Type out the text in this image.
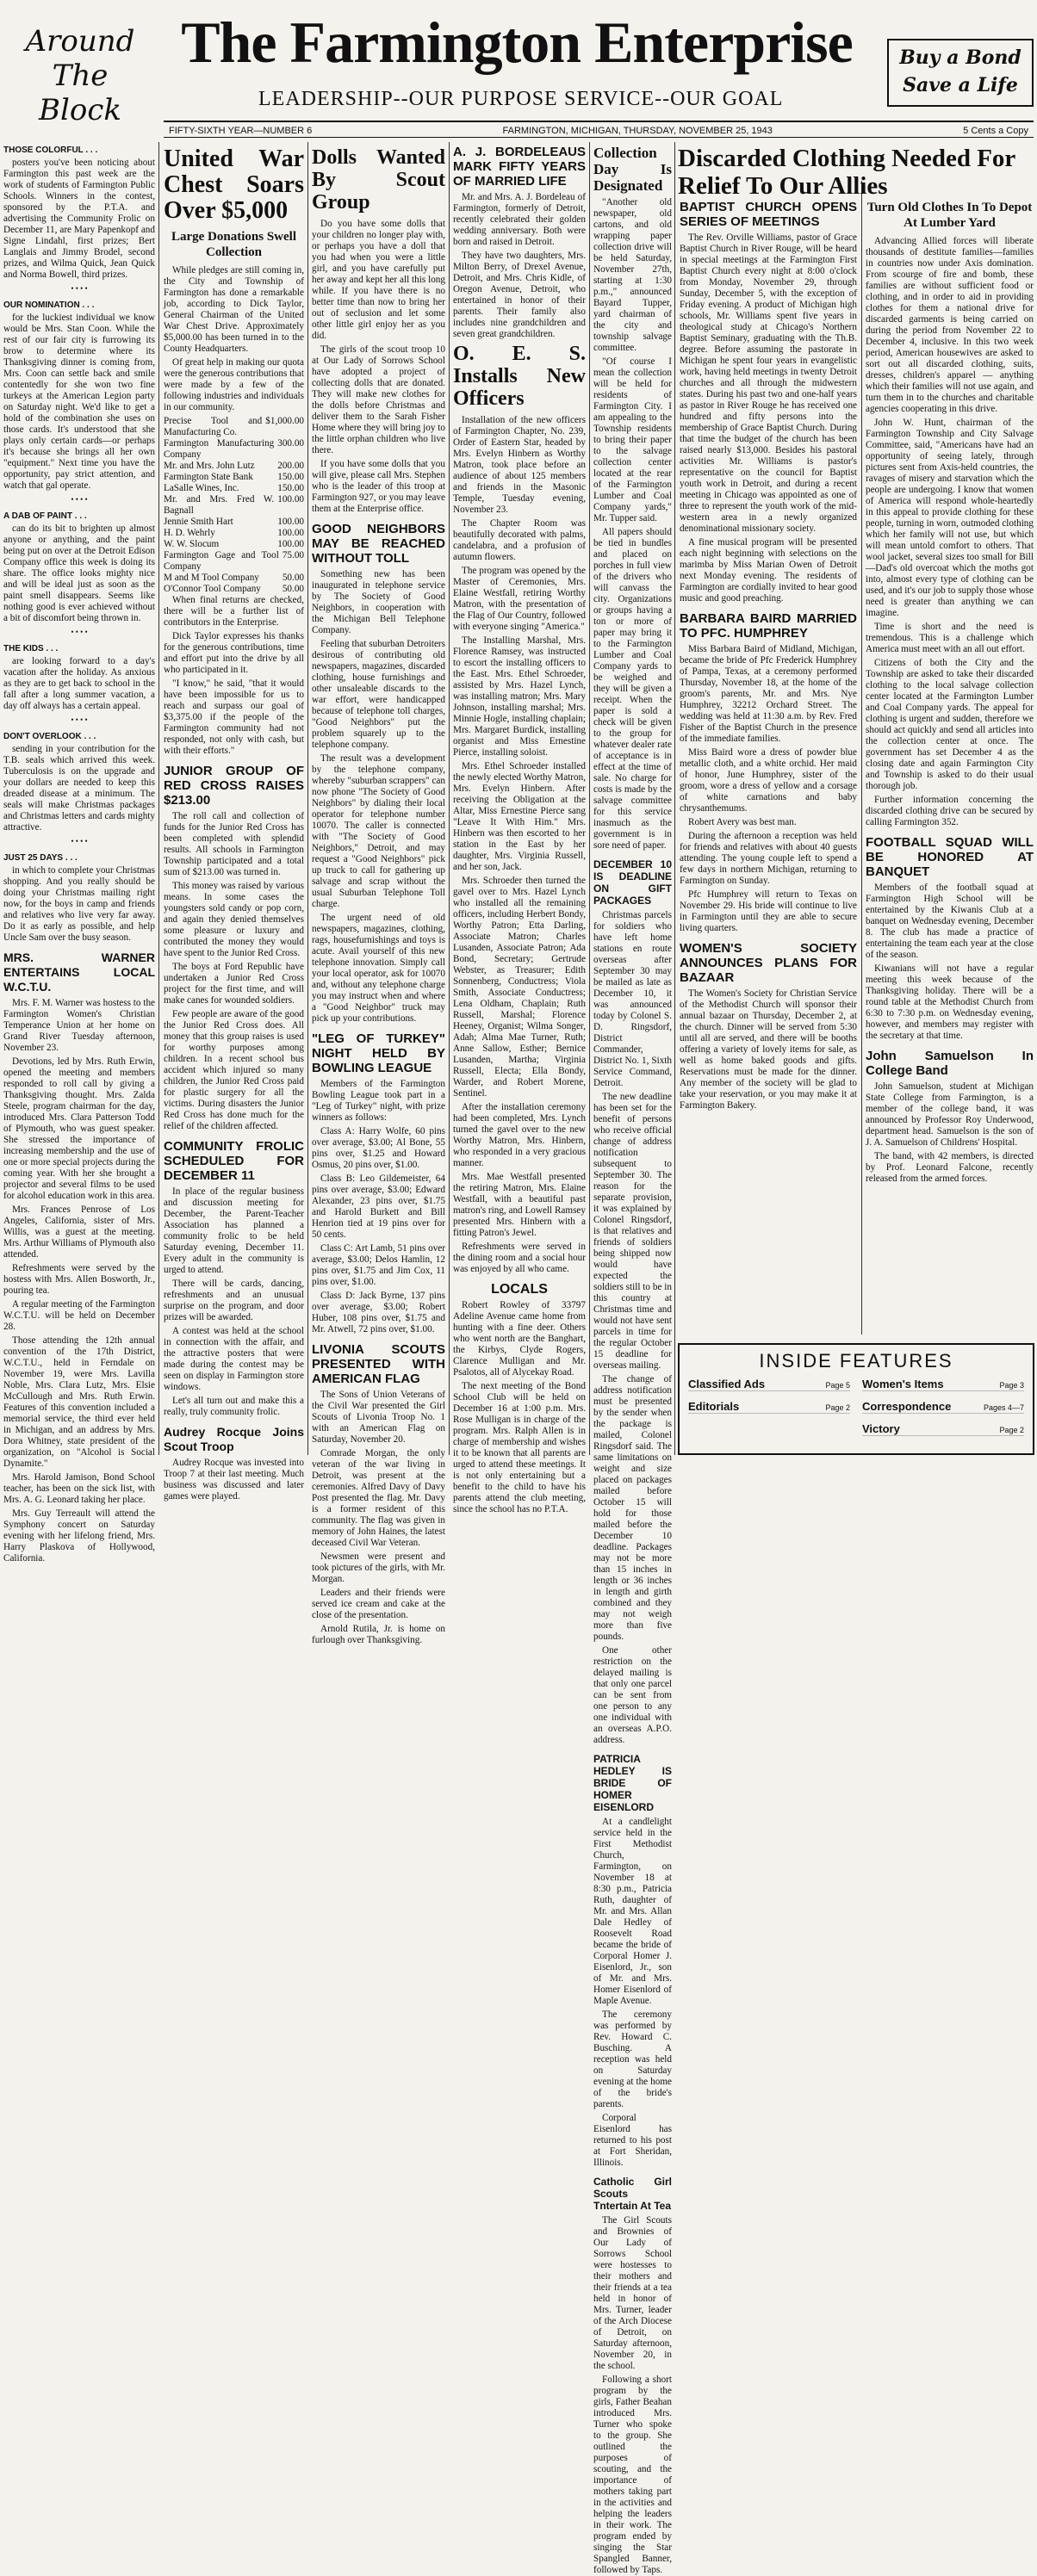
Around
The Block
The Farmington Enterprise
LEADERSHIP--OUR PURPOSE SERVICE--OUR GOAL
Buy a Bond
Save a Life
FIFTY-SIXTH YEAR—NUMBER 6	FARMINGTON, MICHIGAN, THURSDAY, NOVEMBER 25, 1943	5 Cents a Copy
THOSE COLORFUL . . .

posters you've been noticing about Farmington this past week are the work of students of Farmington Public Schools. Winners in the contest, sponsored by the P.T.A. and advertising the Community Frolic on December 11, are Mary Papenkopf and Signe Lindahl, first prizes; Bert Langlais and Jimmy Brodel, second prizes, and Wilma Quick, Jean Quick and Norma Bowell, third prizes.

• • • •
OUR NOMINATION . . .

for the luckiest individual we know would be Mrs. Stan Coon. While the rest of our fair city is furrowing its brow to determine where its Thanksgiving dinner is coming from, Mrs. Coon can settle back and smile contentedly for she won two fine turkeys at the American Legion party on Saturday night. We'd like to get a hold of the combination she uses on those cards. It's understood that she plays only certain cards—or perhaps it's because she brings all her own "equipment." Next time you have the opportunity, pay strict attention, and watch that gal operate.

• • • •
A DAB OF PAINT . . .

can do its bit to brighten up almost anyone or anything, and the paint being put on over at the Detroit Edison Company office this week is doing its share. The office looks mighty nice and will be ideal just as soon as the paint smell disappears. Seems like nothing good is ever achieved without a bit of discomfort being thrown in.

• • • •
THE KIDS . . .

are looking forward to a day's vacation after the holiday. As anxious as they are to get back to school in the fall after a long summer vacation, a day off always has a certain appeal.

• • • •
DON'T OVERLOOK . . .

sending in your contribution for the T.B. seals which arrived this week. Tuberculosis is on the upgrade and your dollars are needed to keep this dreaded disease at a minimum. The seals will make Christmas packages and Christmas letters and cards mighty attractive.

• • • •
JUST 25 DAYS . . .

in which to complete your Christmas shopping. And you really should be doing your Christmas mailing right now, for the boys in camp and friends and relatives who live very far away. Do it as early as possible, and help Uncle Sam over the busy season.

MRS. WARNER ENTERTAINS LOCAL W.C.T.U.

Mrs. F. M. Warner was hostess to the Farmington Women's Christian Temperance Union at her home on Grand River Tuesday afternoon, November 23.

Devotions, led by Mrs. Ruth Erwin, opened the meeting and members responded to roll call by giving a Thanksgiving thought. Mrs. Zalda Steele, program chairman for the day, introduced Mrs. Clara Patterson Todd of Plymouth, who was guest speaker. She stressed the importance of increasing membership and the use of one or more special projects during the coming year. With her she brought a projector and several films to be used for alcohol education work in this area.

Mrs. Frances Penrose of Los Angeles, California, sister of Mrs. Willis, was a guest at the meeting. Mrs. Arthur Williams of Plymouth also attended.

Refreshments were served by the hostess with Mrs. Allen Bosworth, Jr., pouring tea.

A regular meeting of the Farmington W.C.T.U. will be held on December 28.

Those attending the 12th annual convention of the 17th District, W.C.T.U., held in Ferndale on November 19, were Mrs. Lavilla Noble, Mrs. Clara Lutz, Mrs. Elsie McCullough and Mrs. Ruth Erwin. Features of this convention included a memorial service, the third ever held in Michigan, and an address by Mrs. Dora Whitney, state president of the organization, on "Alcohol is Social Dynamite."

Mrs. Harold Jamison, Bond School teacher, has been on the sick list, with Mrs. A. G. Leonard taking her place.

Mrs. Guy Terreault will attend the Symphony concert on Saturday evening with her lifelong friend, Mrs. Harry Plaskova of Hollywood, California.

United War Chest Soars Over $5,000
Large Donations Swell Collection

While pledges are still coming in, the City and Township of Farmington has done a remarkable job, according to Dick Taylor, General Chairman of the United War Chest Drive. Approximately $5,000.00 has been turned in to the County Headquarters.

Of great help in making our quota were the generous contributions that were made by a few of the following industries and individuals in our community.

Precise Tool and Manufacturing Co.
$1,000.00
Farmington Manufacturing Company
300.00
Mr. and Mrs. John Lutz 200.00
Farmington State Bank	150.00
LaSalle Wines, Inc.	150.00
Mr. and Mrs. Fred W. Bagnall
100.00
Jennie Smith Hart	100.00
H. D. Wehrly	100.00
W. W. Slocum	100.00
Farmington Gage and Tool Company
75.00
M and M Tool Company 50.00
O'Connor Tool Company 50.00

When final returns are checked, there will be a further list of contributors in the Enterprise.

Dick Taylor expresses his thanks for the generous contributions, time and effort put into the drive by all who participated in it.

"I know," he said, "that it would have been impossible for us to reach and surpass our goal of $3,375.00 if the people of the Farmington community had not responded, not only with cash, but with their efforts."

JUNIOR GROUP OF RED CROSS RAISES $213.00

The roll call and collection of funds for the Junior Red Cross has been completed with splendid results. All schools in Farmington Township participated and a total sum of $213.00 was turned in.

This money was raised by various means. In some cases the youngsters sold candy or pop corn, and again they denied themselves some pleasure or luxury and contributed the money they would have spent to the Junior Red Cross.

The boys at Ford Republic have undertaken a Junior Red Cross project for the first time, and will make canes for wounded soldiers.

Few people are aware of the good the Junior Red Cross does. All money that this group raises is used for worthy purposes among children. In a recent school bus accident which injured so many children, the Junior Red Cross paid for plastic surgery for all the victims. During disasters the Junior Red Cross has done much for the relief of the children affected.

COMMUNITY FROLIC SCHEDULED FOR DECEMBER 11

In place of the regular business and discussion meeting for December, the Parent-Teacher Association has planned a community frolic to be held Saturday evening, December 11. Every adult in the community is urged to attend.

There will be cards, dancing, refreshments and an unusual surprise on the program, and door prizes will be awarded.

A contest was held at the school in connection with the affair, and the attractive posters that were made during the contest may be seen on display in Farmington store windows.

Let's all turn out and make this a really, truly community frolic.

Audrey Rocque Joins Scout Troop

Audrey Rocque was invested into Troop 7 at their last meeting. Much business was discussed and later games were played.

Dolls Wanted By Scout Group

Do you have some dolls that your children no longer play with, or perhaps you have a doll that you had when you were a little girl, and you have carefully put her away and kept her all this long while. If you have there is no better time than now to bring her out of seclusion and let some other little girl enjoy her as you did.

The girls of the scout troop 10 at Our Lady of Sorrows School have adopted a project of collecting dolls that are donated. They will make new clothes for the dolls before Christmas and deliver them to the Sarah Fisher Home where they will bring joy to the little orphan children who live there.

If you have some dolls that you will give, please call Mrs. Stephen who is the leader of this troop at Farmington 927, or you may leave them at the Enterprise office.

GOOD NEIGHBORS MAY BE REACHED WITHOUT TOLL

Something new has been inaugurated in telephone service by The Society of Good Neighbors, in cooperation with the Michigan Bell Telephone Company.

Feeling that suburban Detroiters desirous of contributing old newspapers, magazines, discarded clothing, house furnishings and other unsaleable discards to the war effort, were handicapped because of telephone toll charges, "Good Neighbors" put the problem squarely up to the telephone company.

The result was a development by the telephone company, whereby "suburban scrappers" can now phone "The Society of Good Neighbors" by dialing their local operator for telephone number 10070. The caller is connected with "The Society of Good Neighbors," Detroit, and may request a "Good Neighbors" pick up truck to call for gathering up salvage and scrap without the usual Suburban Telephone Toll charge.

The urgent need of old newspapers, magazines, clothing, rags, housefurnishings and toys is acute. Avail yourself of this new telephone innovation. Simply call your local operator, ask for 10070 and, without any telephone charge you may instruct when and where a "Good Neighbor" truck may pick up your contributions.

"LEG OF TURKEY" NIGHT HELD BY BOWLING LEAGUE

Members of the Farmington Bowling League took part in a "Leg of Turkey" night, with prize winners as follows:

Class A: Harry Wolfe, 60 pins over average, $3.00; Al Bone, 55 pins over, $1.25 and Howard Osmus, 20 pins over, $1.00.

Class B: Leo Gildemeister, 64 pins over average, $3.00; Edward Alexander, 23 pins over, $1.75 and Harold Burkett and Bill Henrion tied at 19 pins over for 50 cents.

Class C: Art Lamb, 51 pins over average, $3.00; Delos Hamlin, 12 pins over, $1.75 and Jim Cox, 11 pins over, $1.00.

Class D: Jack Byrne, 137 pins over average, $3.00; Robert Huber, 108 pins over, $1.75 and Mr. Atwell, 72 pins over, $1.00.

LIVONIA SCOUTS PRESENTED WITH AMERICAN FLAG

The Sons of Union Veterans of the Civil War presented the Girl Scouts of Livonia Troop No. 1 with an American Flag on Saturday, November 20.

Comrade Morgan, the only veteran of the war living in Detroit, was present at the ceremonies. Alfred Davy of Davy Post presented the flag. Mr. Davy is a former resident of this community. The flag was given in memory of John Haines, the latest deceased Civil War Veteran.

Newsmen were present and took pictures of the girls, with Mr. Morgan.

Leaders and their friends were served ice cream and cake at the close of the presentation.

Arnold Rutila, Jr. is home on furlough over Thanksgiving.

A. J. BORDELEAUS MARK FIFTY YEARS OF MARRIED LIFE

Mr. and Mrs. A. J. Bordeleau of Farmington, formerly of Detroit, recently celebrated their golden wedding anniversary. Both were born and raised in Detroit.

They have two daughters, Mrs. Milton Berry, of Drexel Avenue, Detroit, and Mrs. Chris Kidle, of Oregon Avenue, Detroit, who entertained in honor of their parents. Their family also includes nine grandchildren and seven great grandchildren.

O. E. S. Installs New Officers

Installation of the new officers of Farmington Chapter, No. 239, Order of Eastern Star, headed by Mrs. Evelyn Hinbern as Worthy Matron, took place before an audience of about 125 members and friends in the Masonic Temple, Tuesday evening, November 23.

The Chapter Room was beautifully decorated with palms, candelabra, and a profusion of autumn flowers.

The program was opened by the Master of Ceremonies, Mrs. Elaine Westfall, retiring Worthy Matron, with the presentation of the Flag of Our Country, followed with everyone singing "America."

The Installing Marshal, Mrs. Florence Ramsey, was instructed to escort the installing officers to the East. Mrs. Ethel Schroeder, assisted by Mrs. Hazel Lynch, was installing matron; Mrs. Mary Johnson, installing marshal; Mrs. Minnie Hogle, installing chaplain; Mrs. Margaret Burdick, installing organist and Miss Ernestine Pierce, installing soloist.

Mrs. Ethel Schroeder installed the newly elected Worthy Matron, Mrs. Evelyn Hinbern. After receiving the Obligation at the Altar, Miss Ernestine Pierce sang "Leave It With Him." Mrs. Hinbern was then escorted to her station in the East by her daughter, Mrs. Virginia Russell, and her son, Jack.

Mrs. Schroeder then turned the gavel over to Mrs. Hazel Lynch who installed all the remaining officers, including Herbert Bondy, Worthy Patron; Etta Darling, Associate Matron; Charles Lusanden, Associate Patron; Ada Bond, Secretary; Gertrude Webster, as Treasurer; Edith Sonnenberg, Conductress; Viola Smith, Associate Conductress; Lena Oldham, Chaplain; Ruth Russell, Marshal; Florence Heeney, Organist; Wilma Songer, Adah; Alma Mae Turner, Ruth; Anne Sallow, Esther; Bernice Lusanden, Martha; Virginia Russell, Electa; Ella Bondy, Warder, and Robert Morene, Sentinel.

After the installation ceremony had been completed, Mrs. Lynch turned the gavel over to the new Worthy Matron, Mrs. Hinbern, who responded in a very gracious manner.

Mrs. Mae Westfall presented the retiring Matron, Mrs. Elaine Westfall, with a beautiful past matron's ring, and Lowell Ramsey presented Mrs. Hinbern with a fitting Patron's Jewel.

Refreshments were served in the dining room and a social hour was enjoyed by all who came.

LOCALS

Robert Rowley of 33797 Adeline Avenue came home from hunting with a fine deer. Others who went north are the Banghart, the Kirbys, Clyde Rogers, Clarence Mulligan and Mr. Psalotos, all of Alycekay Road.

The next meeting of the Bond School Club will be held on December 16 at 1:00 p.m. Mrs. Rose Mulligan is in charge of the program. Mrs. Ralph Allen is in charge of membership and wishes it to be known that all parents are urged to attend these meetings. It is not only entertaining but a benefit to the child to have his parents attend the club meeting, since the school has no P.T.A.

Collection Day Is Designated

"Another old newspaper, old cartons, and old wrapping paper collection drive will be held Saturday, November 27th, starting at 1:30 p.m.," announced Bayard Tupper, yard chairman of the city and township salvage committee.

"Of course I mean the collection will be held for residents of Farmington City. I am appealing to the Township residents to bring their paper to the salvage collection center located at the rear of the Farmington Lumber and Coal Company yards," Mr. Tupper said.

All papers should be tied in bundles and placed on porches in full view of the drivers who will canvass the city. Organizations or groups having a ton or more of paper may bring it to the Farmington Lumber and Coal Company yards to be weighed and they will be given a receipt. When the paper is sold a check will be given to the group for whatever dealer rate of acceptance is in effect at the time of sale. No charge for costs is made by the salvage committee for this service inasmuch as the government is in sore need of paper.

DECEMBER 10 IS DEADLINE ON GIFT PACKAGES

Christmas parcels for soldiers who have left home stations en route overseas after September 30 may be mailed as late as December 10, it was announced today by Colonel S. D. Ringsdorf, District Commander, District No. 1, Sixth Service Command, Detroit.

The new deadline has been set for the benefit of persons who receive official change of address notification subsequent to September 30. The reason for the separate provision, it was explained by Colonel Ringsdorf, is that relatives and friends of soldiers being shipped now would have expected the soldiers still to be in this country at Christmas time and would not have sent parcels in time for the regular October 15 deadline for overseas mailing.

The change of address notification must be presented by the sender when the package is mailed, Colonel Ringsdorf said. The same limitations on weight and size placed on packages mailed before October 15 will hold for those mailed before the December 10 deadline. Packages may not be more than 15 inches in length or 36 inches in length and girth combined and they may not weigh more than five pounds.

One other restriction on the delayed mailing is that only one parcel can be sent from one person to any one individual with an overseas A.P.O. address.

PATRICIA HEDLEY IS BRIDE OF HOMER EISENLORD

At a candlelight service held in the First Methodist Church, Farmington, on November 18 at 8:30 p.m., Patricia Ruth, daughter of Mr. and Mrs. Allan Dale Hedley of Roosevelt Road became the bride of Corporal Homer J. Eisenlord, Jr., son of Mr. and Mrs. Homer Eisenlord of Maple Avenue.

The ceremony was performed by Rev. Howard C. Busching. A reception was held on Saturday evening at the home of the bride's parents.

Corporal Eisenlord has returned to his post at Fort Sheridan, Illinois.

Catholic Girl Scouts Tntertain At Tea

The Girl Scouts and Brownies of Our Lady of Sorrows School were hostesses to their mothers and their friends at a tea held in honor of Mrs. Turner, leader of the Arch Diocese of Detroit, on Saturday afternoon, November 20, in the school.

Following a short program by the girls, Father Beahan introduced Mrs. Turner who spoke to the group. She outlined the purposes of scouting, and the importance of mothers taking part in the activities and helping the leaders in their work. The program ended by singing the Star Spangled Banner, followed by Taps.

Discarded Clothing Needed For Relief To Our Allies
BAPTIST CHURCH OPENS SERIES OF MEETINGS

The Rev. Orville Williams, pastor of Grace Baptist Church in River Rouge, will be heard in special meetings at the Farmington First Baptist Church every night at 8:00 o'clock from Monday, November 29, through Sunday, December 5, with the exception of Friday evening. A product of Michigan high schools, Mr. Williams spent five years in theological study at Chicago's Northern Baptist Seminary, graduating with the Th.B. degree. Before assuming the pastorate in Michigan he spent four years in evangelistic work, having held meetings in twenty Detroit churches and all through the midwestern states. During his past two and one-half years as pastor in River Rouge he has received one hundred and fifty persons into the membership of Grace Baptist Church. During that time the budget of the church has been raised nearly $13,000. Besides his pastoral activities Mr. Williams is pastor's representative on the council for Baptist youth work in Detroit, and during a recent meeting in Chicago was appointed as one of three to represent the youth work of the mid-western area in a newly organized denominational missionary society.

A fine musical program will be presented each night beginning with selections on the marimba by Miss Marian Owen of Detroit next Monday evening. The residents of Farmington are cordially invited to hear good music and good preaching.

BARBARA BAIRD MARRIED TO PFC. HUMPHREY

Miss Barbara Baird of Midland, Michigan, became the bride of Pfc Frederick Humphrey of Pampa, Texas, at a ceremony performed Thursday, November 18, at the home of the groom's parents, Mr. and Mrs. Nye Humphrey, 32212 Orchard Street. The wedding was held at 11:30 a.m. by Rev. Fred Fisher of the Baptist Church in the presence of the immediate families.

Miss Baird wore a dress of powder blue metallic cloth, and a white orchid. Her maid of honor, June Humphrey, sister of the groom, wore a dress of yellow and a corsage of white carnations and baby chrysanthemums.

Robert Avery was best man.

During the afternoon a reception was held for friends and relatives with about 40 guests attending. The young couple left to spend a few days in northern Michigan, returning to Farmington on Sunday.

Pfc Humphrey will return to Texas on November 29. His bride will continue to live in Farmington until they are able to secure living quarters.

WOMEN'S SOCIETY ANNOUNCES PLANS FOR BAZAAR

The Women's Society for Christian Service of the Methodist Church will sponsor their annual bazaar on Thursday, December 2, at the church. Dinner will be served from 5:30 until all are served, and there will be booths offering a variety of lovely items for sale, as well as home baked goods and gifts. Reservations must be made for the dinner. Any member of the society will be glad to take your reservation, or you may make it at Farmington Bakery.

Turn Old Clothes In To Depot At Lumber Yard

Advancing Allied forces will liberate thousands of destitute families—families in countries now under Axis domination. From scourge of fire and bomb, these families are without sufficient food or clothing, and in order to aid in providing clothes for them a national drive for discarded garments is being carried on during the period from November 22 to December 4, inclusive. In this two week period, American housewives are asked to sort out all discarded clothing, suits, dresses, children's apparel — anything which their families will not use again, and turn them in to the churches and charitable agencies cooperating in this drive.

John W. Hunt, chairman of the Farmington Township and City Salvage Committee, said, "Americans have had an opportunity of seeing lately, through pictures sent from Axis-held countries, the ravages of misery and starvation which the people are undergoing. I know that women of America will respond whole-heartedly in this appeal to provide clothing for these people, turning in worn, outmoded clothing which her family will not use, but which will mean untold comfort to others. That wool jacket, several sizes too small for Bill—Dad's old overcoat which the moths got into, almost every type of clothing can be used, and it's our job to supply those whose need is greater than anything we can imagine.

Time is short and the need is tremendous. This is a challenge which America must meet with an all out effort.

Citizens of both the City and the Township are asked to take their discarded clothing to the local salvage collection center located at the Farmington Lumber and Coal Company yards. The appeal for clothing is urgent and sudden, therefore we should act quickly and send all articles into the collection center at once. The government has set December 4 as the closing date and again Farmington City and Township is asked to do their usual thorough job.

Further information concerning the discarded clothing drive can be secured by calling Farmington 352.

FOOTBALL SQUAD WILL BE HONORED AT BANQUET

Members of the football squad at Farmington High School will be entertained by the Kiwanis Club at a banquet on Wednesday evening, December 8. The club has made a practice of entertaining the team each year at the close of the season.

Kiwanians will not have a regular meeting this week because of the Thanksgiving holiday. There will be a round table at the Methodist Church from 6:30 to 7:30 p.m. on Wednesday evening, however, and members may register with the secretary at that time.

John Samuelson In College Band

John Samuelson, student at Michigan State College from Farmington, is a member of the college band, it was announced by Professor Roy Underwood, department head. Samuelson is the son of J. A. Samuelson of Childrens' Hospital.

The band, with 42 members, is directed by Prof. Leonard Falcone, recently released from the armed forces.

INSIDE FEATURES
Classified Ads	Page 5 Women's Items	Page 3
Editorials	Page 2 Correspondence	Pages 4—7
Victory	Page 2
